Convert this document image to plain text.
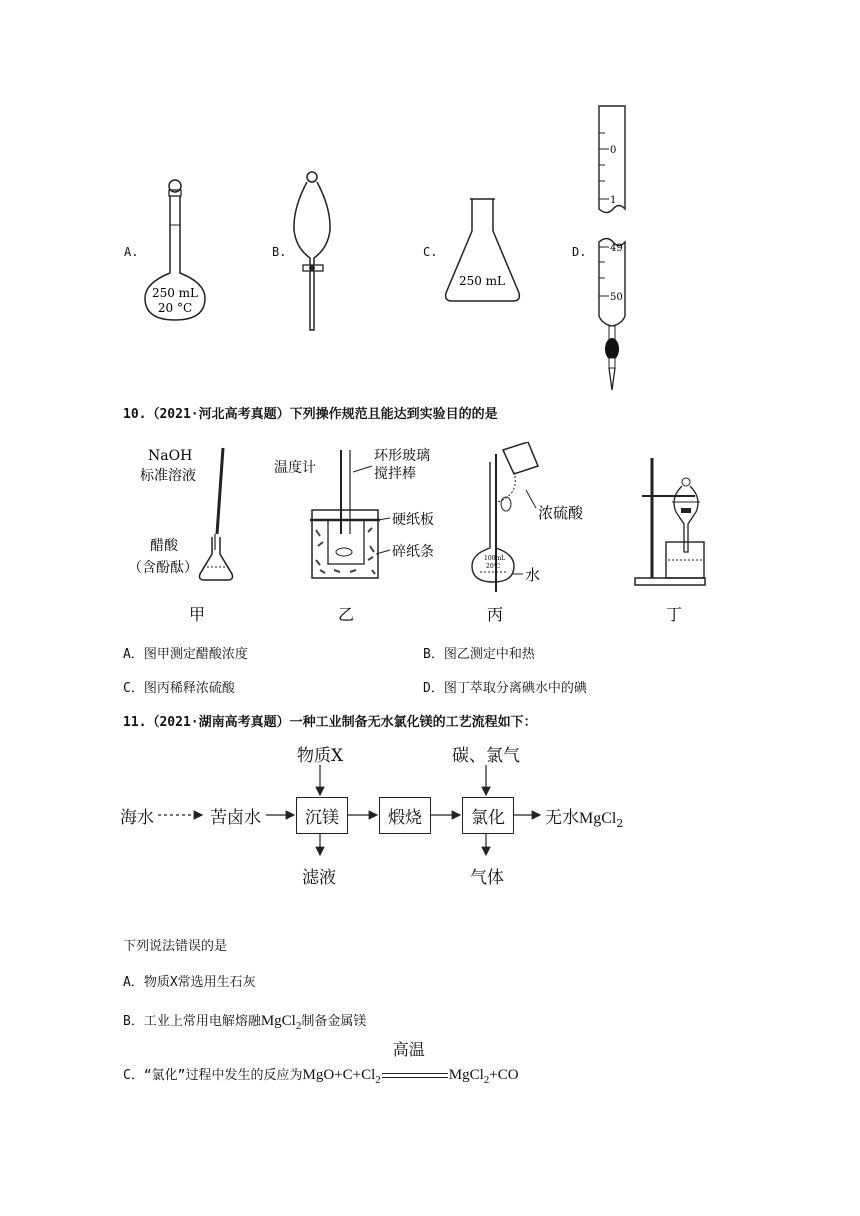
A.	B.	C.	D.
250 mL
20 °C
250 mL
0
1
49
50
10.（2021·河北高考真题）下列操作规范且能达到实验目的的是
NaOH
标准溶液
醋酸
（含酚酞）
温度计
环形玻璃
搅拌棒
硬纸板
碎纸条
浓硫酸
100mL
20℃ 水
甲	乙	丙	丁
A．图甲测定醋酸浓度	B．图乙测定中和热
C．图丙稀释浓硫酸	D．图丁萃取分离碘水中的碘
11.（2021·湖南高考真题）一种工业制备无水氯化镁的工艺流程如下：
海水	苦卤水	沉镁	煅烧	氯化 无水MgCl$_2$
物质X	碳、氯气
滤液	气体
下列说法错误的是
A．物质X常选用生石灰
B．工业上常用电解熔融MgCl$_2$制备金属镁
C．“氯化”过程中发生的反应为$MgO+C+Cl_2$
高温
MgCl$_2$+CO
